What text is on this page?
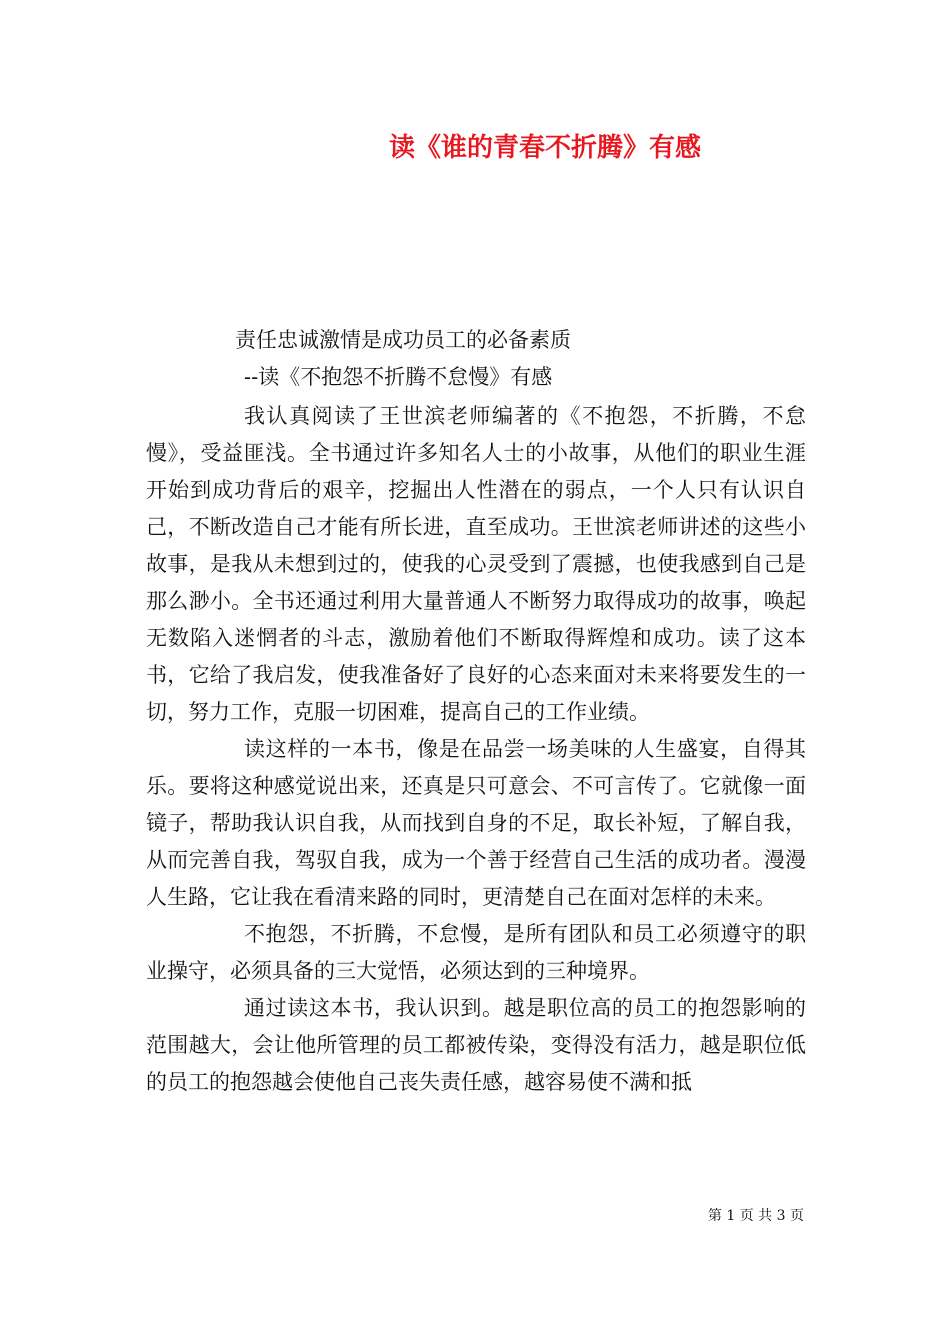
读《谁的青春不折腾》有感
责任忠诚激情是成功员工的必备素质
--读《不抱怨不折腾不怠慢》有感

我认真阅读了王世滨老师编著的《不抱怨，不折腾，不怠慢》，受益匪浅。全书通过许多知名人士的小故事，从他们的职业生涯开始到成功背后的艰辛，挖掘出人性潜在的弱点，一个人只有认识自己，不断改造自己才能有所长进，直至成功。王世滨老师讲述的这些小故事，是我从未想到过的，使我的心灵受到了震撼，也使我感到自己是那么渺小。全书还通过利用大量普通人不断努力取得成功的故事，唤起无数陷入迷惘者的斗志，激励着他们不断取得辉煌和成功。读了这本书，它给了我启发，使我准备好了良好的心态来面对未来将要发生的一切，努力工作，克服一切困难，提高自己的工作业绩。

读这样的一本书，像是在品尝一场美味的人生盛宴，自得其乐。要将这种感觉说出来，还真是只可意会、不可言传了。它就像一面镜子，帮助我认识自我，从而找到自身的不足，取长补短，了解自我，从而完善自我，驾驭自我，成为一个善于经营自己生活的成功者。漫漫人生路，它让我在看清来路的同时，更清楚自己在面对怎样的未来。

不抱怨，不折腾，不怠慢，是所有团队和员工必须遵守的职业操守，必须具备的三大觉悟，必须达到的三种境界。

通过读这本书，我认识到。越是职位高的员工的抱怨影响的范围越大，会让他所管理的员工都被传染，变得没有活力，越是职位低的员工的抱怨越会使他自己丧失责任感，越容易使不满和抵

第 1 页 共 3 页
